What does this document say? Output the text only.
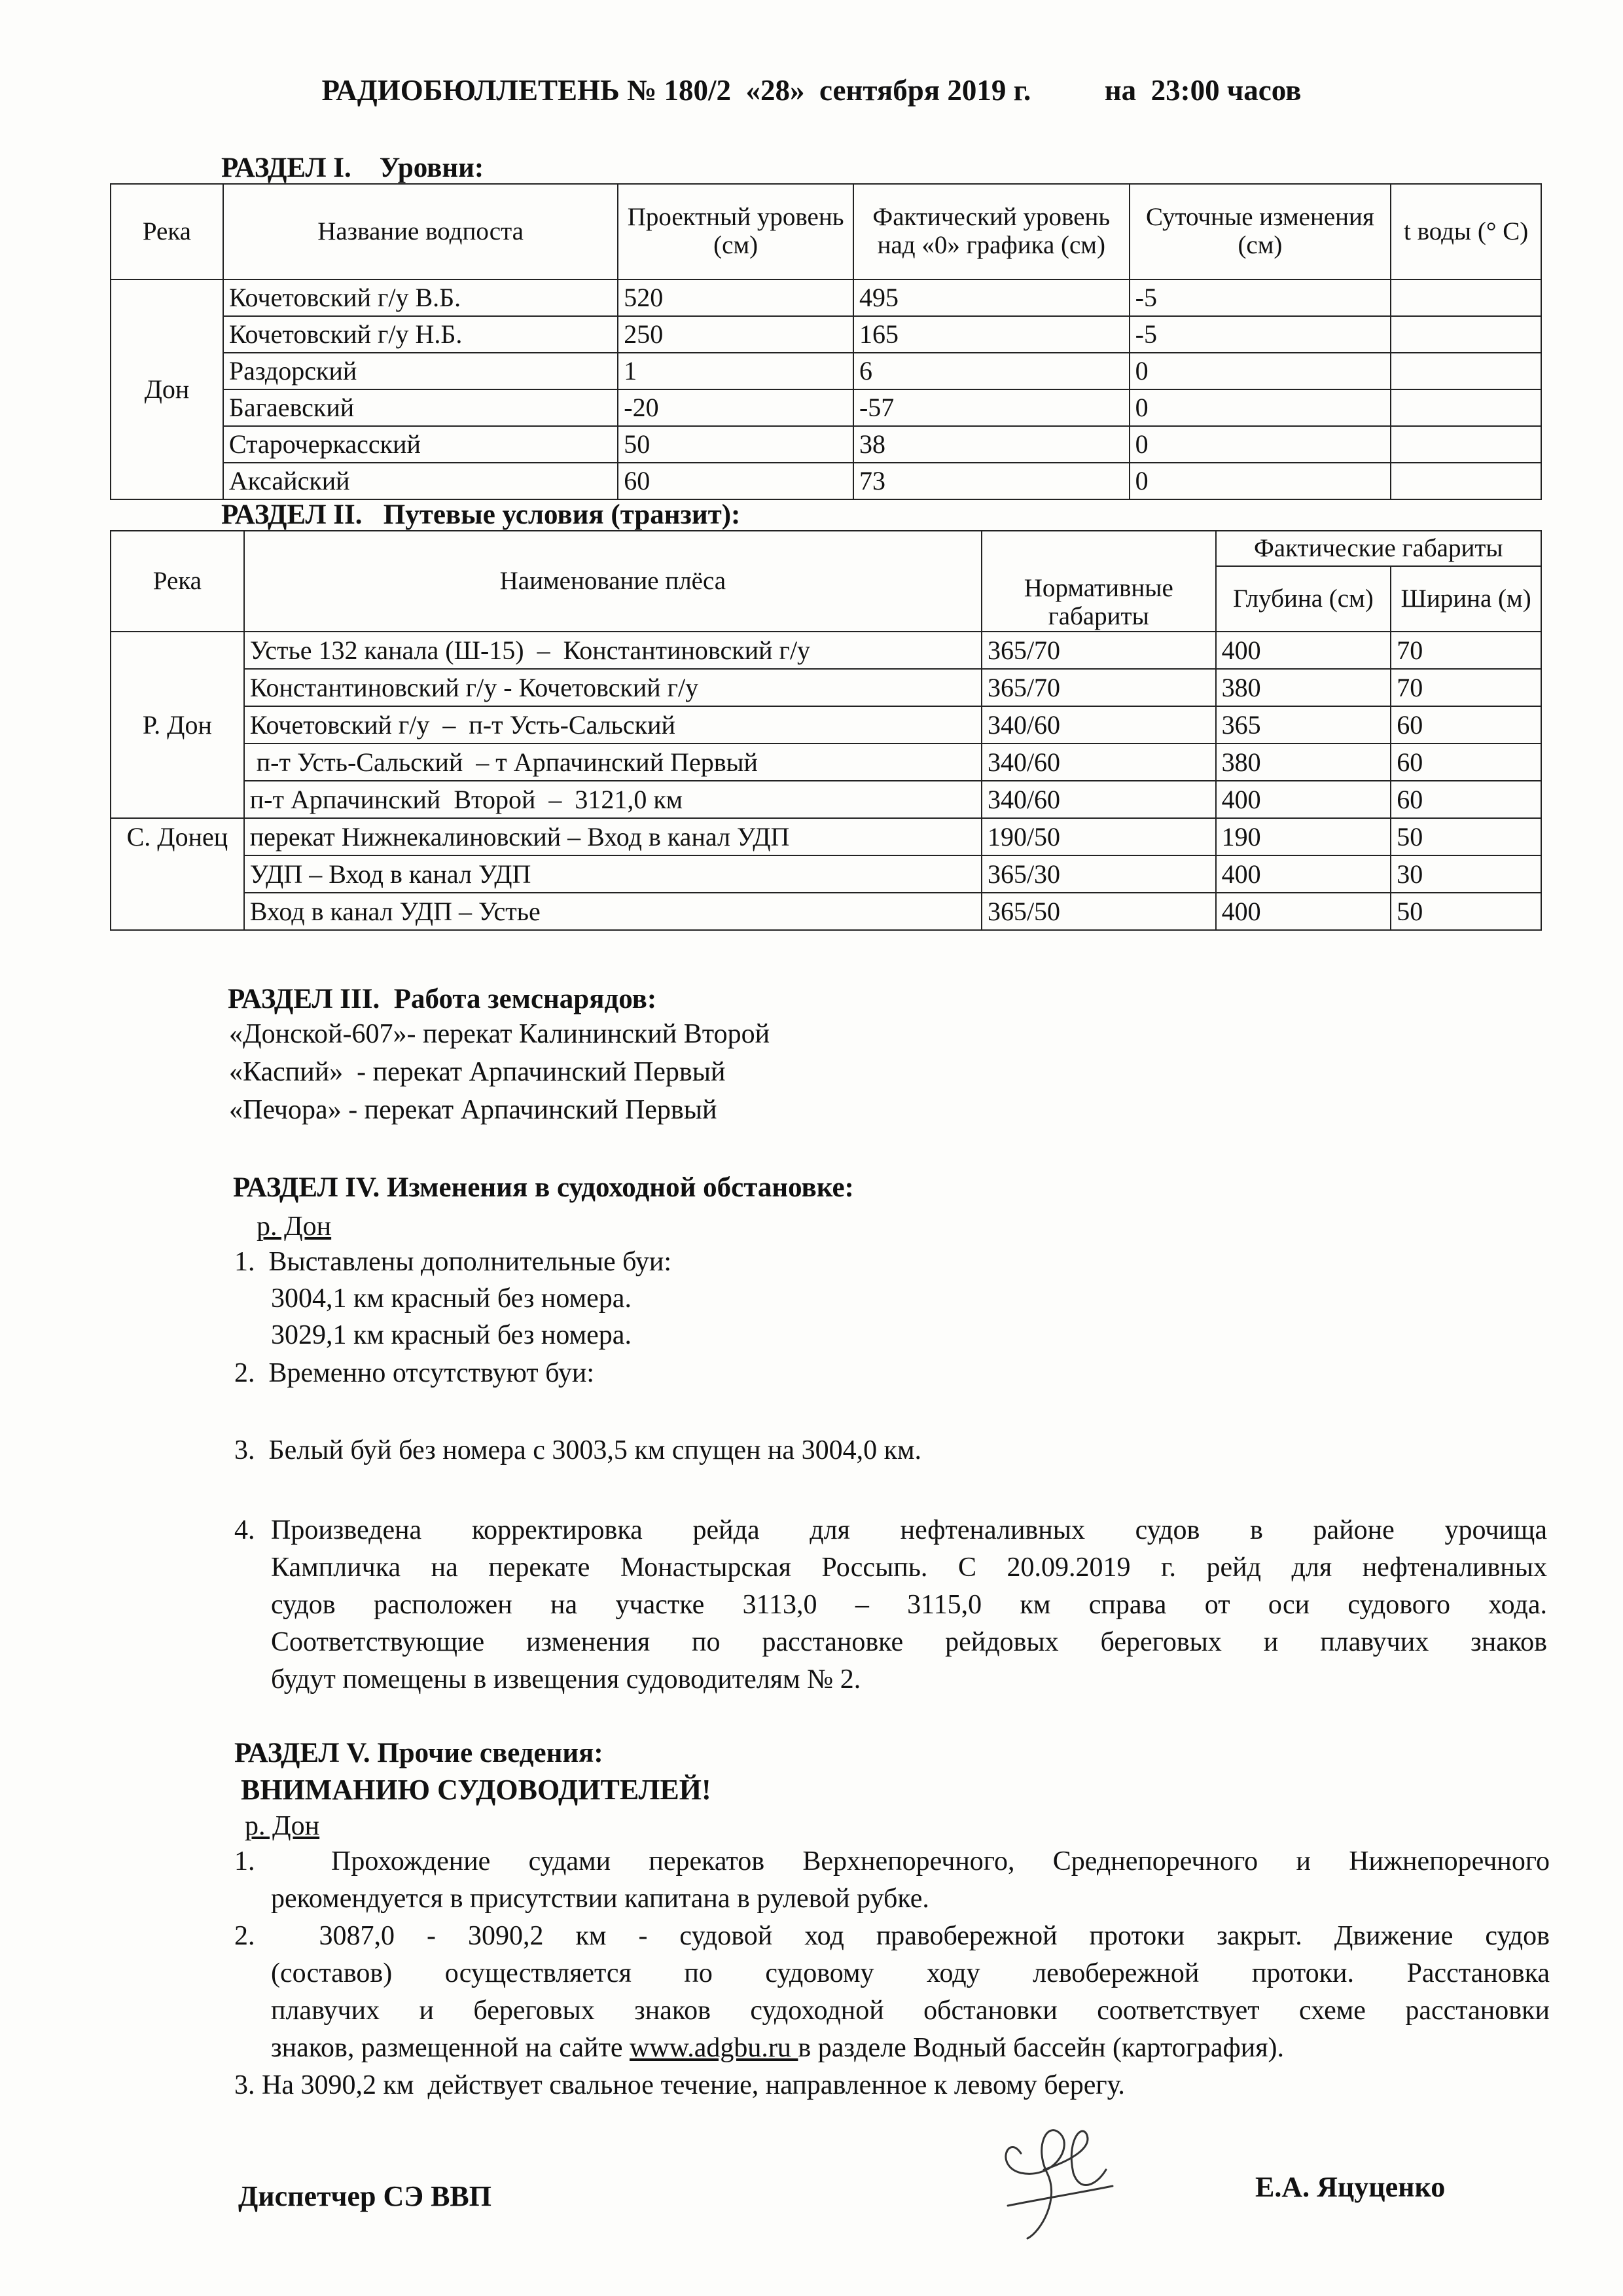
РАДИОБЮЛЛЕТЕНЬ № 180/2  «28»  сентября 2019 г.          на  23:00 часов
РАЗДЕЛ I.    Уровни:
Река	Название водпоста	Проектный уровень (см)	Фактический уровень над «0» графика (см)	Суточные изменения (см)	t воды (° С)
Дон	Кочетовский г/у В.Б.	520	495	-5	
	Кочетовский г/у Н.Б.	250	165	-5	
	Раздорский	1	6	0	
	Багаевский	-20	-57	0	
	Старочеркасский	50	38	0	
	Аксайский	60	73	0	
РАЗДЕЛ II.   Путевые условия (транзит):
Река	Наименование плёса	Нормативные габариты	Фактические габариты	
			Глубина (см)	Ширина (м)
Р. Дон	Устье 132 канала (Ш-15)  –  Константиновский г/у	365/70	400	70
	Константиновский г/у - Кочетовский г/у	365/70	380	70
	Кочетовский г/у  –  п-т Усть-Сальский	340/60	365	60
	п-т Усть-Сальский  – т Арпачинский Первый	340/60	380	60
	п-т Арпачинский  Второй  –  3121,0 км	340/60	400	60
С. Донец	перекат Нижнекалиновский – Вход в канал УДП	190/50	190	50
	УДП – Вход в канал УДП	365/30	400	30
	Вход в канал УДП – Устье	365/50	400	50
РАЗДЕЛ III.  Работа земснарядов:
«Донской-607»- перекат Калининский Второй
«Каспий»  - перекат Арпачинский Первый
«Печора» - перекат Арпачинский Первый
РАЗДЕЛ IV. Изменения в судоходной обстановке:
р. Дон
1.  Выставлены дополнительные буи:
3004,1 км красный без номера.
3029,1 км красный без номера.
2.  Временно отсутствуют буи:
3.  Белый буй без номера с 3003,5 км спущен на 3004,0 км.
4. Произведена корректировка рейда для нефтеналивных судов в районе урочища
Кампличка на перекате Монастырская Россыпь. С 20.09.2019 г. рейд для нефтеналивных
судов расположен на участке 3113,0 – 3115,0 км справа от оси судового хода.
Соответствующие изменения по расстановке рейдовых береговых и плавучих знаков
будут помещены в извещения судоводителям № 2.
РАЗДЕЛ V. Прочие сведения:
ВНИМАНИЮ СУДОВОДИТЕЛЕЙ!
р. Дон
1.  Прохождение судами перекатов Верхнепоречного, Среднепоречного и Нижнепоречного
рекомендуется в присутствии капитана в рулевой рубке.
2.  3087,0 - 3090,2 км - судовой ход правобережной протоки закрыт. Движение судов
(составов) осуществляется по судовому ходу левобережной протоки. Расстановка
плавучих и береговых знаков судоходной обстановки соответствует схеме расстановки
знаков, размещенной на сайте www.adgbu.ru в разделе Водный бассейн (картография).
3. На 3090,2 км  действует свальное течение, направленное к левому берегу.
Диспетчер СЭ ВВП	Е.А. Яцуценко
